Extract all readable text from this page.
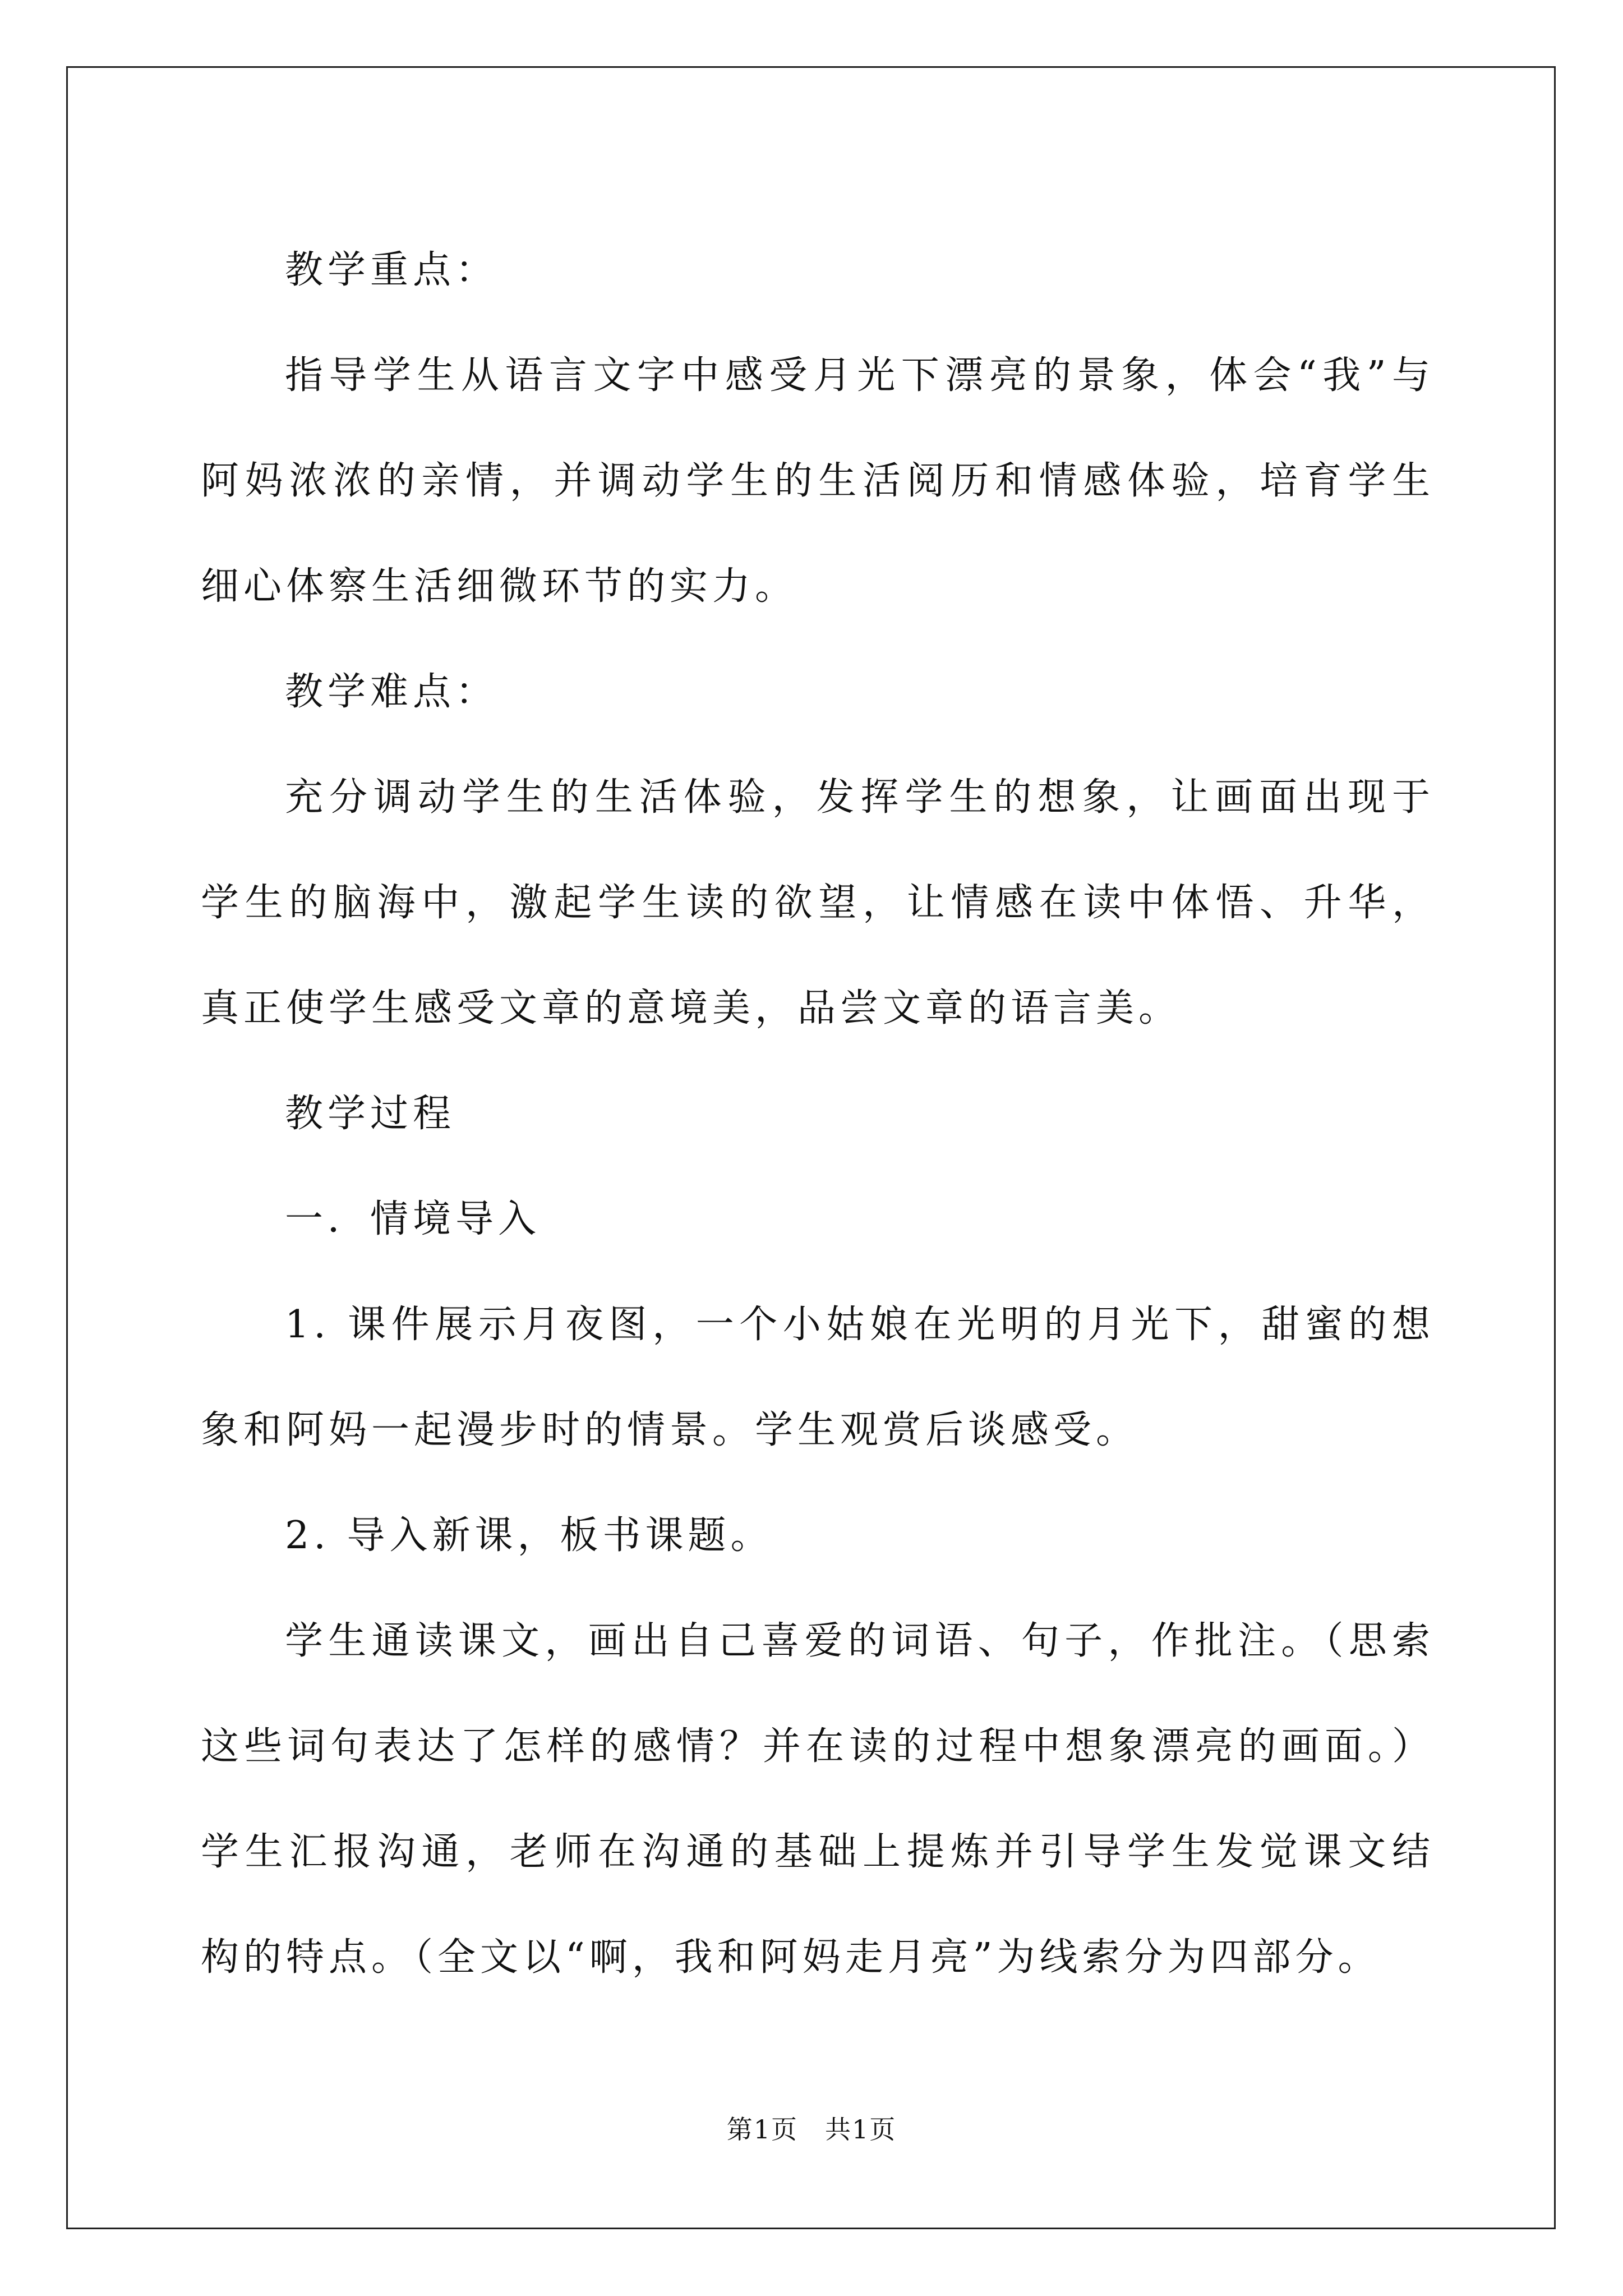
教学重点：

指导学生从语言文字中感受月光下漂亮的景象，体会“我”与阿妈浓浓的亲情，并调动学生的生活阅历和情感体验，培育学生细心体察生活细微环节的实力。

教学难点：

充分调动学生的生活体验，发挥学生的想象，让画面出现于学生的脑海中，激起学生读的欲望，让情感在读中体悟、升华，真正使学生感受文章的意境美，品尝文章的语言美。

教学过程

一．情境导入

1. 课件展示月夜图，一个小姑娘在光明的月光下，甜蜜的想象和阿妈一起漫步时的情景。学生观赏后谈感受。

2. 导入新课，板书课题。

学生通读课文，画出自己喜爱的词语、句子，作批注。（思索这些词句表达了怎样的感情？并在读的过程中想象漂亮的画面。）学生汇报沟通，老师在沟通的基础上提炼并引导学生发觉课文结构的特点。（全文以“啊，我和阿妈走月亮”为线索分为四部分。

第1页　共1页
